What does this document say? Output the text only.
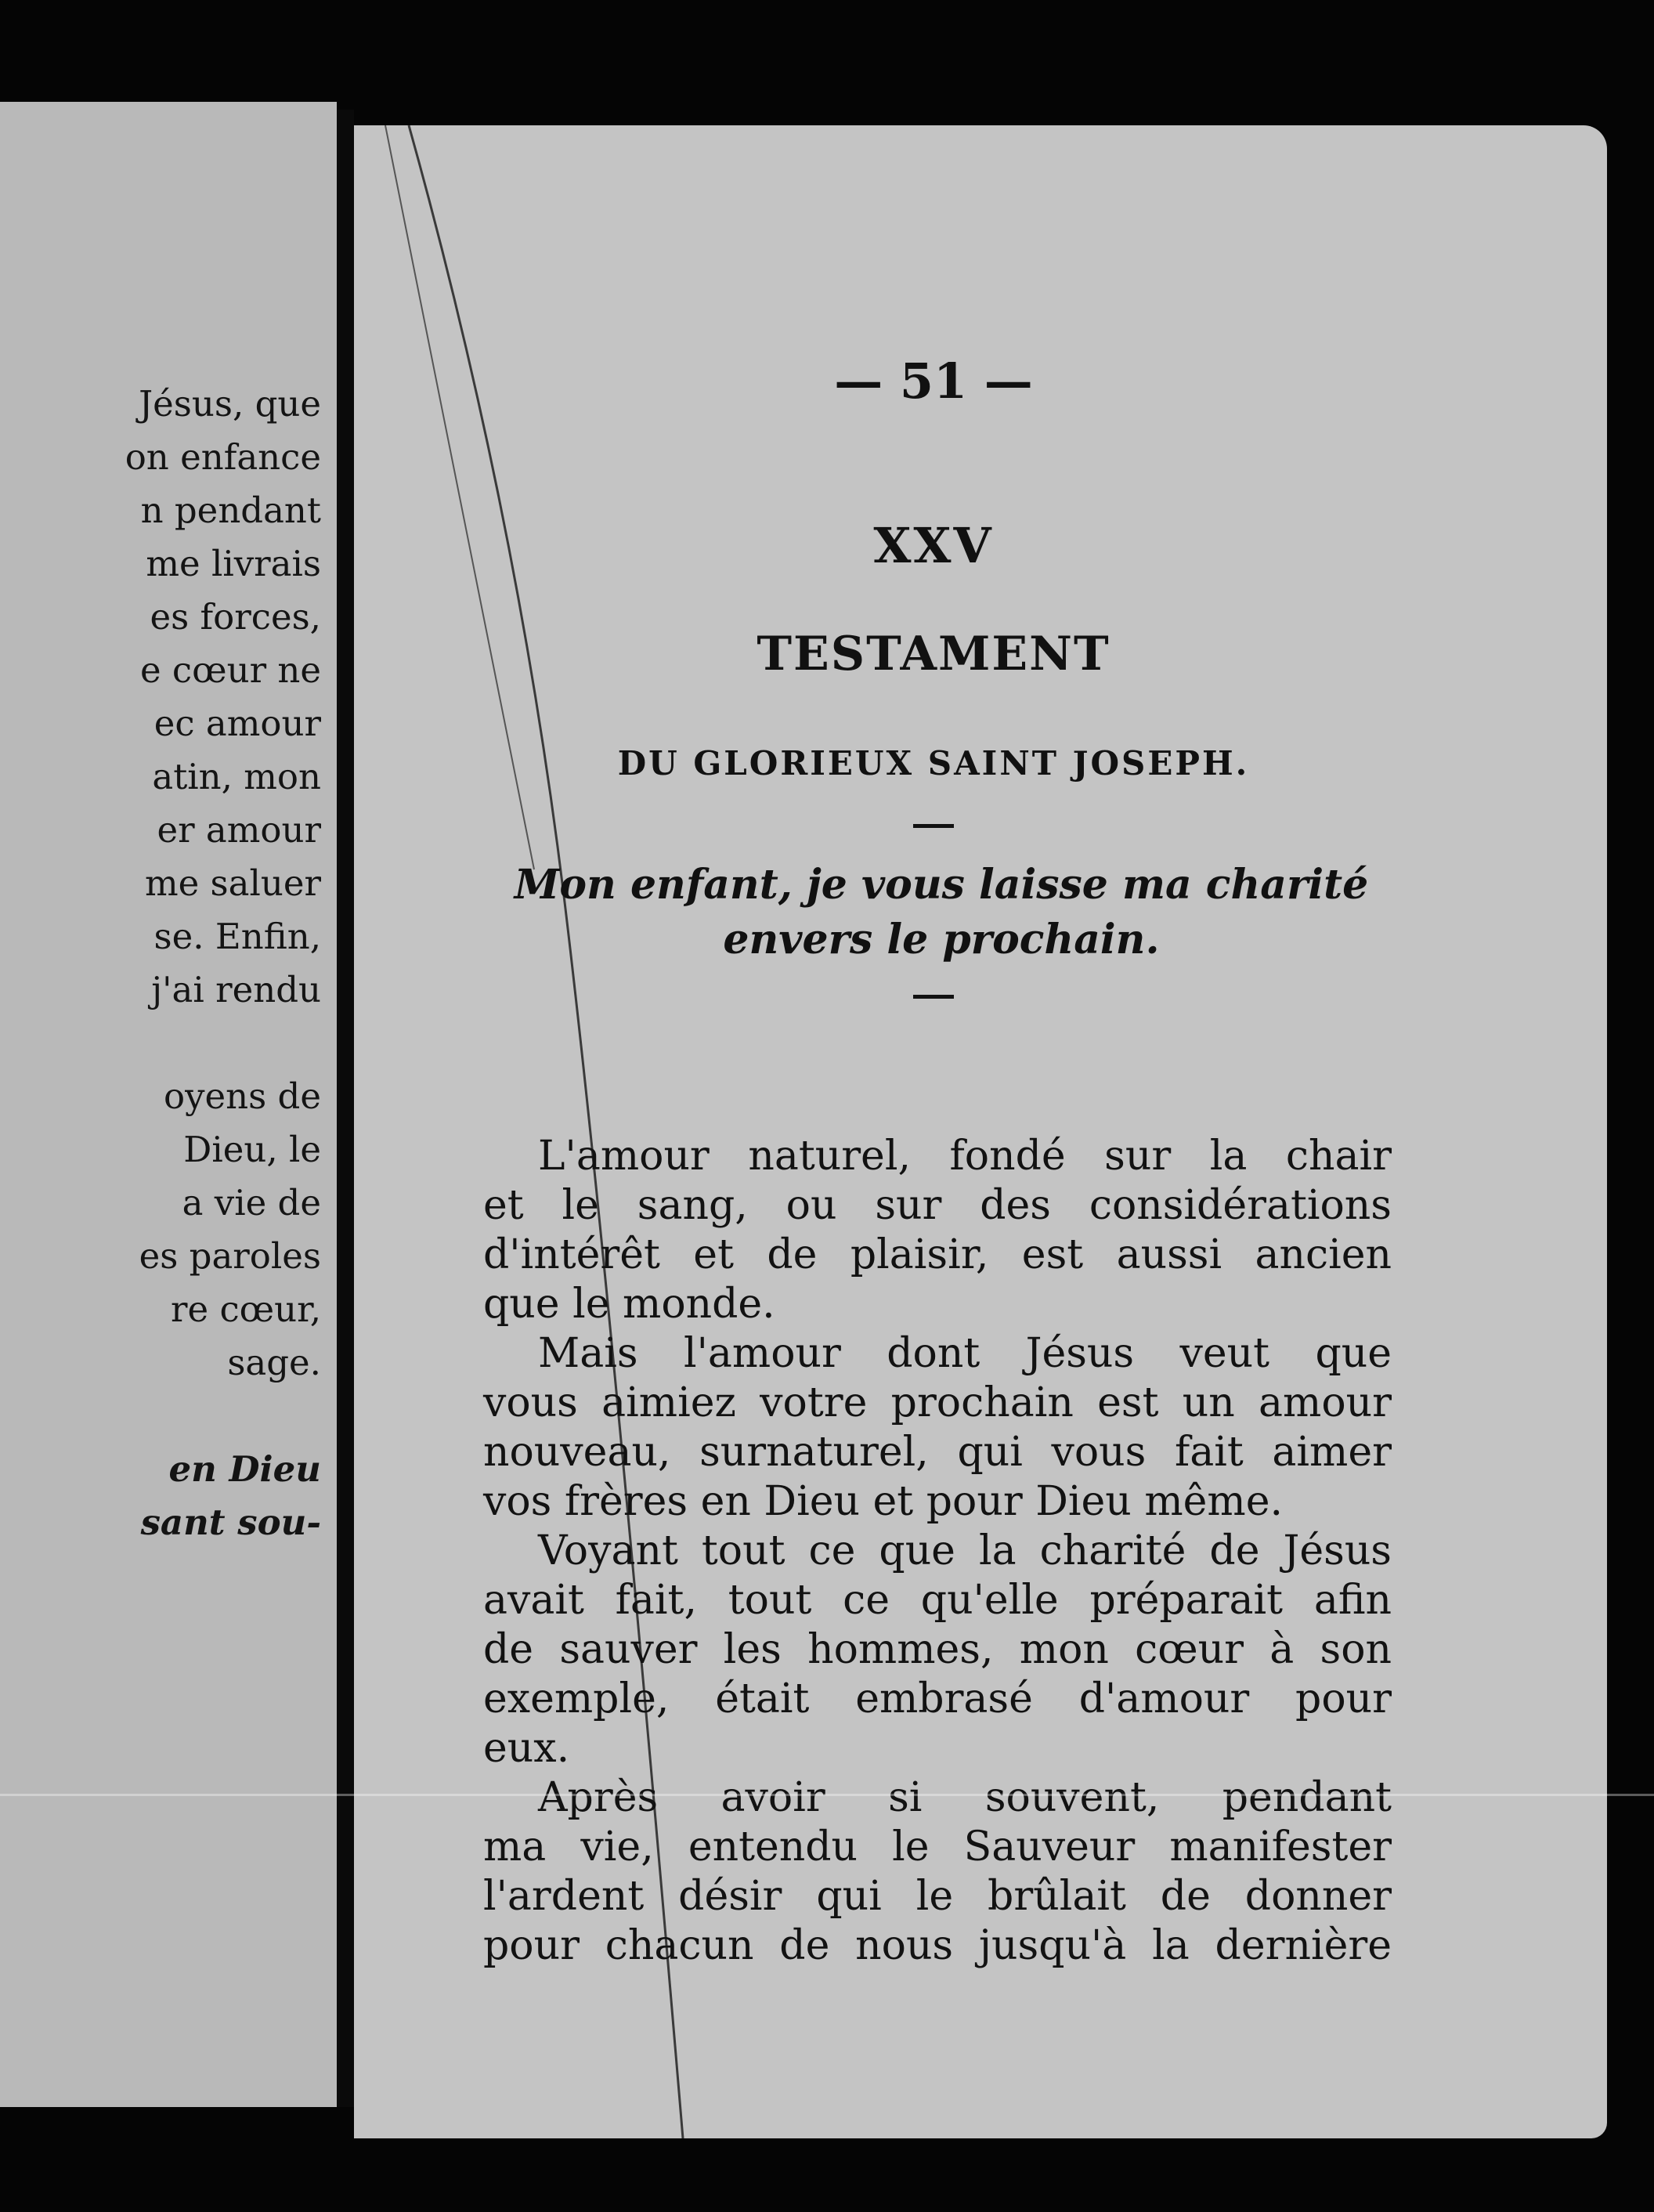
Jésus, que
on enfance
n pendant
me livrais
es forces,
e cœur ne
ec amour
atin, mon
er amour
me saluer
se. Enfin,
j'ai rendu
oyens de
Dieu, le
a vie de
es paroles
re cœur,
sage.
en Dieu
sant sou-
— 51 —
XXV
TESTAMENT
DU GLORIEUX SAINT JOSEPH.
Mon enfant, je vous laisse ma charité
envers le prochain.
L'amour naturel, fondé sur la chair
et le sang, ou sur des considérations
d'intérêt et de plaisir, est aussi ancien
que le monde.
Mais l'amour dont Jésus veut que
vous aimiez votre prochain est un amour
nouveau, surnaturel, qui vous fait aimer
vos frères en Dieu et pour Dieu même.
Voyant tout ce que la charité de Jésus
avait fait, tout ce qu'elle préparait afin
de sauver les hommes, mon cœur à son
exemple, était embrasé d'amour pour
eux.
Après avoir si souvent, pendant
ma vie, entendu le Sauveur manifester
l'ardent désir qui le brûlait de donner
pour chacun de nous jusqu'à la dernière
